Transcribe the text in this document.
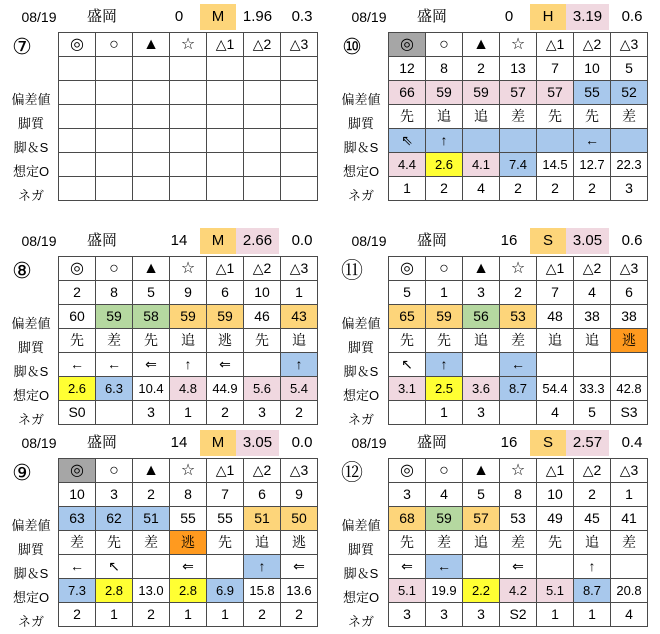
08/19	盛岡	0	M	1.96	0.3
⑦
偏差値
脚質
脚＆S
想定O
ネガ
◎	○	▲	☆	△1	△2	△3

08/19	盛岡	0	H	3.19	0.6
⑩
偏差値
脚質
脚＆S
想定O
ネガ
◎	○	▲	☆	△1	△2	△3
12	8	2	13	7	10	5
66	59	59	57	57	55	52
先	追	追	差	先	先	差
⇖	↑				←	
4.4	2.6	4.1	7.4	14.5	12.7	22.3
1	2	4	2	2	2	3
08/19	盛岡	14	M	2.66	0.0
⑧
偏差値
脚質
脚＆S
想定O
ネガ
◎	○	▲	☆	△1	△2	△3
2	8	5	9	6	10	1
60	59	58	59	59	46	43
先	差	先	追	逃	先	追
←	←	⇐	↑	⇐		↑
2.6	6.3	10.4	4.8	44.9	5.6	5.4
S0		3	1	2	3	2
08/19	盛岡	16	S	3.05	0.6
⑪
偏差値
脚質
脚＆S
想定O
ネガ
◎	○	▲	☆	△1	△2	△3
5	1	3	2	7	4	6
65	59	56	53	48	38	38
先	先	追	差	追	追	逃
↖	↑		←			
3.1	2.5	3.6	8.7	54.4	33.3	42.8
	1	3		4	5	S3
08/19	盛岡	14	M	3.05	0.0
⑨
偏差値
脚質
脚＆S
想定O
ネガ
◎	○	▲	☆	△1	△2	△3
10	3	2	8	7	6	9
63	62	51	55	55	51	50
差	先	差	逃	先	追	逃
←	↖		⇐		↑	⇐
7.3	2.8	13.0	2.8	6.9	15.8	13.6
2	1	2	1	1	2	2
08/19	盛岡	16	S	2.57	0.4
⑫
偏差値
脚質
脚＆S
想定O
ネガ
◎	○	▲	☆	△1	△2	△3
3	4	5	8	10	2	1
68	59	57	53	49	45	41
先	差	追	差	先	追	差
⇐	←		⇐		↑	
5.1	19.9	2.2	4.2	5.1	8.7	20.8
3	3	3	S2	1	1	4
